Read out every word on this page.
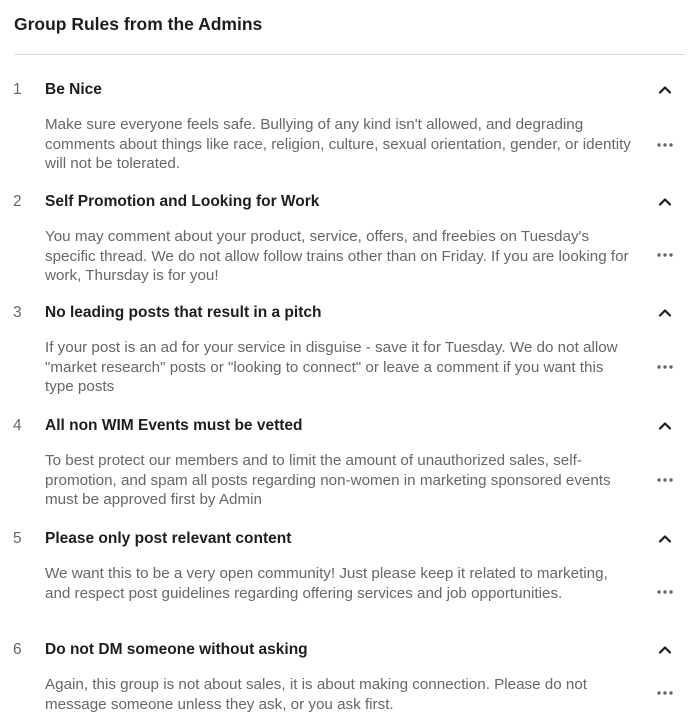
Group Rules from the Admins
1 Be Nice
Make sure everyone feels safe. Bullying of any kind isn't allowed, and degrading comments about things like race, religion, culture, sexual orientation, gender, or identity will not be tolerated.
2 Self Promotion and Looking for Work
You may comment about your product, service, offers, and freebies on Tuesday's specific thread. We do not allow follow trains other than on Friday. If you are looking for work, Thursday is for you!
3 No leading posts that result in a pitch
If your post is an ad for your service in disguise - save it for Tuesday. We do not allow "market research" posts or "looking to connect" or leave a comment if you want this type posts
4 All non WIM Events must be vetted
To best protect our members and to limit the amount of unauthorized sales, self-promotion, and spam all posts regarding non-women in marketing sponsored events must be approved first by Admin
5 Please only post relevant content
We want this to be a very open community! Just please keep it related to marketing, and respect post guidelines regarding offering services and job opportunities.
6 Do not DM someone without asking
Again, this group is not about sales, it is about making connection. Please do not message someone unless they ask, or you ask first.
